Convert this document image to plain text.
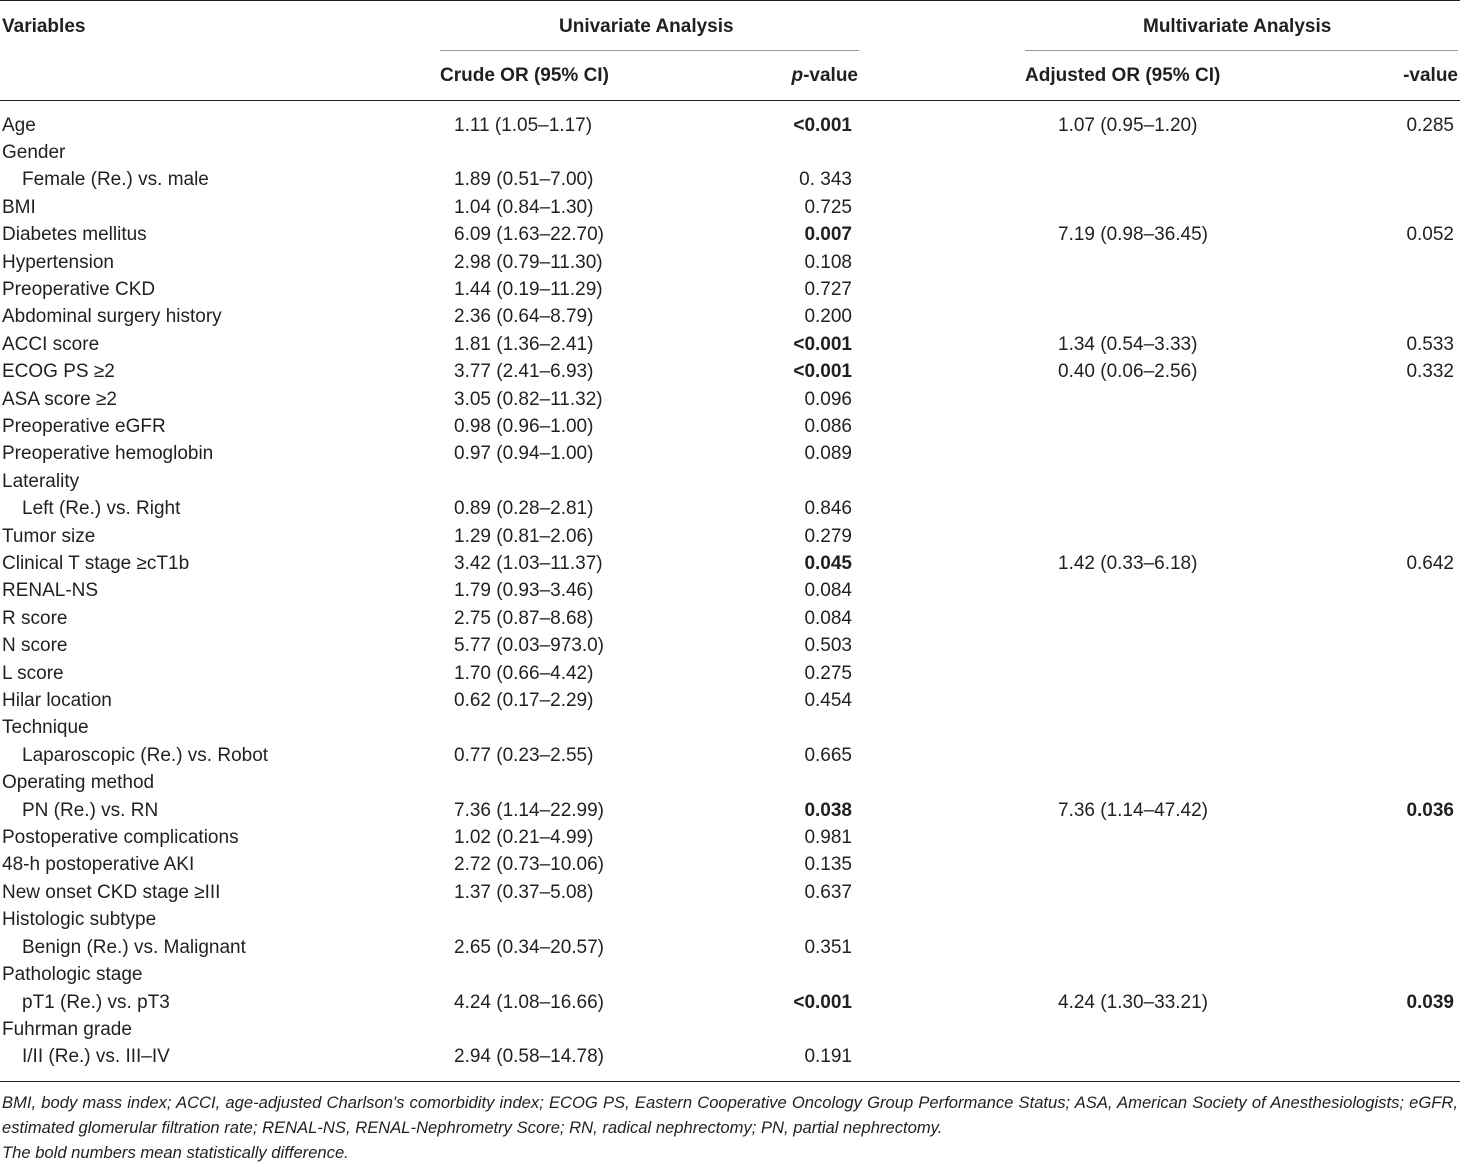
Variables	Univariate Analysis	Multivariate Analysis
Crude OR (95% CI)	p-value	Adjusted OR (95% CI)	-value
Age	1.11 (1.05–1.17)	<0.001	1.07 (0.95–1.20)	0.285
Gender
Female (Re.) vs. male	1.89 (0.51–7.00)	0. 343
BMI	1.04 (0.84–1.30)	0.725
Diabetes mellitus	6.09 (1.63–22.70)	0.007	7.19 (0.98–36.45)	0.052
Hypertension	2.98 (0.79–11.30)	0.108
Preoperative CKD	1.44 (0.19–11.29)	0.727
Abdominal surgery history	2.36 (0.64–8.79)	0.200
ACCI score	1.81 (1.36–2.41)	<0.001	1.34 (0.54–3.33)	0.533
ECOG PS ≥2	3.77 (2.41–6.93)	<0.001	0.40 (0.06–2.56)	0.332
ASA score ≥2	3.05 (0.82–11.32)	0.096
Preoperative eGFR	0.98 (0.96–1.00)	0.086
Preoperative hemoglobin	0.97 (0.94–1.00)	0.089
Laterality
Left (Re.) vs. Right	0.89 (0.28–2.81)	0.846
Tumor size	1.29 (0.81–2.06)	0.279
Clinical T stage ≥cT1b	3.42 (1.03–11.37)	0.045	1.42 (0.33–6.18)	0.642
RENAL-NS	1.79 (0.93–3.46)	0.084
R score	2.75 (0.87–8.68)	0.084
N score	5.77 (0.03–973.0)	0.503
L score	1.70 (0.66–4.42)	0.275
Hilar location	0.62 (0.17–2.29)	0.454
Technique
Laparoscopic (Re.) vs. Robot	0.77 (0.23–2.55)	0.665
Operating method
PN (Re.) vs. RN	7.36 (1.14–22.99)	0.038	7.36 (1.14–47.42)	0.036
Postoperative complications	1.02 (0.21–4.99)	0.981
48-h postoperative AKI	2.72 (0.73–10.06)	0.135
New onset CKD stage ≥III	1.37 (0.37–5.08)	0.637
Histologic subtype
Benign (Re.) vs. Malignant	2.65 (0.34–20.57)	0.351
Pathologic stage
pT1 (Re.) vs. pT3	4.24 (1.08–16.66)	<0.001	4.24 (1.30–33.21)	0.039
Fuhrman grade
I/II (Re.) vs. III–IV	2.94 (0.58–14.78)	0.191
BMI, body mass index; ACCI, age-adjusted Charlson's comorbidity index; ECOG PS, Eastern Cooperative Oncology Group Performance Status; ASA, American Society of Anesthesiologists; eGFR, estimated glomerular filtration rate; RENAL-NS, RENAL-Nephrometry Score; RN, radical nephrectomy; PN, partial nephrectomy.
The bold numbers mean statistically difference.
